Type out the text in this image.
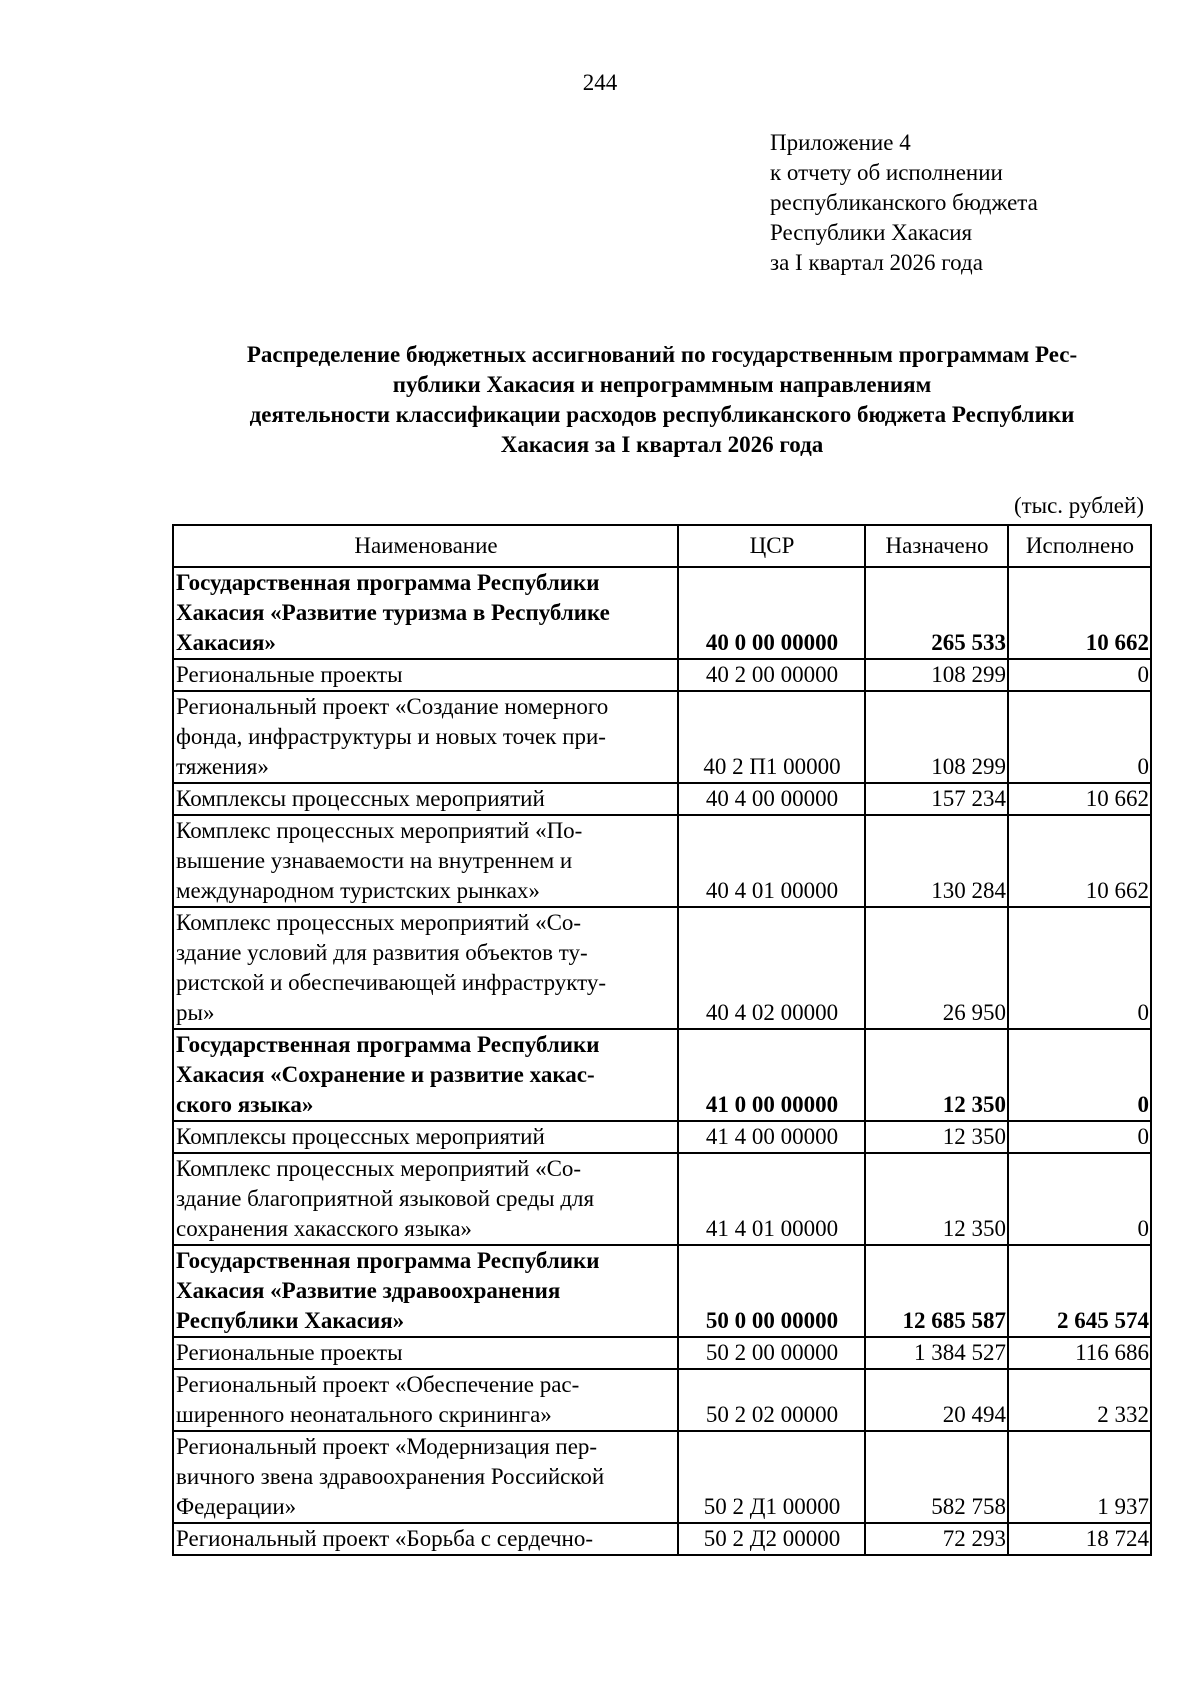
244
Приложение 4
к отчету об исполнении
республиканского бюджета
Республики Хакасия
за I квартал 2026 года
Распределение бюджетных ассигнований по государственным программам Рес-
публики Хакасия и непрограммным направлениям
деятельности классификации расходов республиканского бюджета Республики
Хакасия за I квартал 2026 года
(тыс. рублей)
Наименование	ЦСР	Назначено	Исполнено

Государственная программа Республики
Хакасия «Развитие туризма в Республике
Хакасия»	40 0 00 00000	265 533	10 662

Региональные проекты	40 2 00 00000	108 299	0

Региональный проект «Создание номерного
фонда, инфраструктуры и новых точек при-
тяжения»	40 2 П1 00000	108 299	0

Комплексы процессных мероприятий	40 4 00 00000	157 234	10 662

Комплекс процессных мероприятий «По-
вышение узнаваемости на внутреннем и
международном туристских рынках»	40 4 01 00000	130 284	10 662

Комплекс процессных мероприятий «Со-
здание условий для развития объектов ту-
ристской и обеспечивающей инфраструкту-
ры»	40 4 02 00000	26 950	0

Государственная программа Республики
Хакасия «Сохранение и развитие хакас-
ского языка»	41 0 00 00000	12 350	0

Комплексы процессных мероприятий	41 4 00 00000	12 350	0

Комплекс процессных мероприятий «Со-
здание благоприятной языковой среды для
сохранения хакасского языка»	41 4 01 00000	12 350	0

Государственная программа Республики
Хакасия «Развитие здравоохранения
Республики Хакасия»	50 0 00 00000	12 685 587	2 645 574

Региональные проекты	50 2 00 00000	1 384 527	116 686

Региональный проект «Обеспечение рас-
ширенного неонатального скрининга»	50 2 02 00000	20 494	2 332

Региональный проект «Модернизация пер-
вичного звена здравоохранения Российской
Федерации»	50 2 Д1 00000	582 758	1 937

Региональный проект «Борьба с сердечно-	50 2 Д2 00000	72 293	18 724
